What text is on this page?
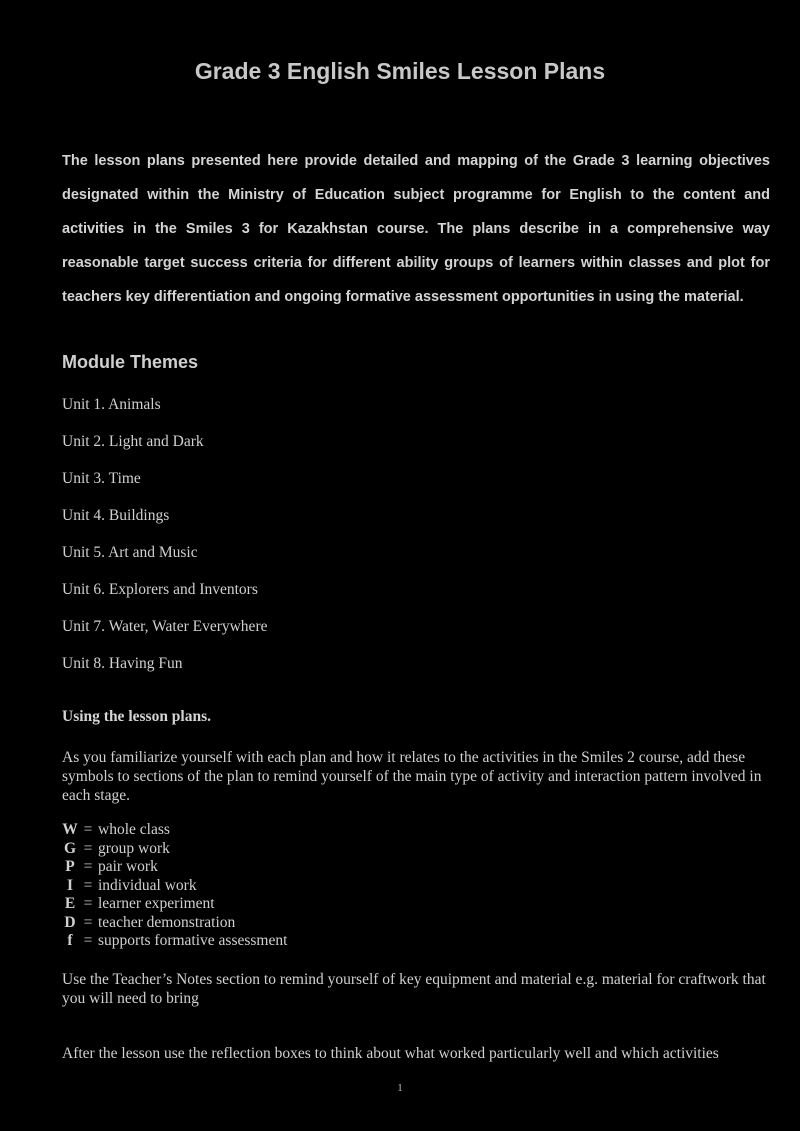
Grade 3 English Smiles Lesson Plans

The lesson plans presented here provide detailed and mapping of the Grade 3 learning objectives designated within the Ministry of Education subject programme for English to the content and activities in the Smiles 3 for Kazakhstan course. The plans describe in a comprehensive way reasonable target success criteria for different ability groups of learners within classes and plot for teachers key differentiation and ongoing formative assessment opportunities in using the material.

Module Themes
Unit 1. Animals
Unit 2. Light and Dark
Unit 3. Time
Unit 4. Buildings
Unit 5. Art and Music
Unit 6. Explorers and Inventors
Unit 7. Water, Water Everywhere
Unit 8. Having Fun
Using the lesson plans.

As you familiarize yourself with each plan and how it relates to the activities in the Smiles 2 course, add these symbols to sections of the plan to remind yourself of the main type of activity and interaction pattern involved in each stage.

W = whole class
G = group work
P = pair work
I = individual work
E = learner experiment
D = teacher demonstration
f = supports formative assessment

Use the Teacher’s Notes section to remind yourself of key equipment and material e.g. material for craftwork that you will need to bring

After the lesson use the reflection boxes to think about what worked particularly well and which activities

1
